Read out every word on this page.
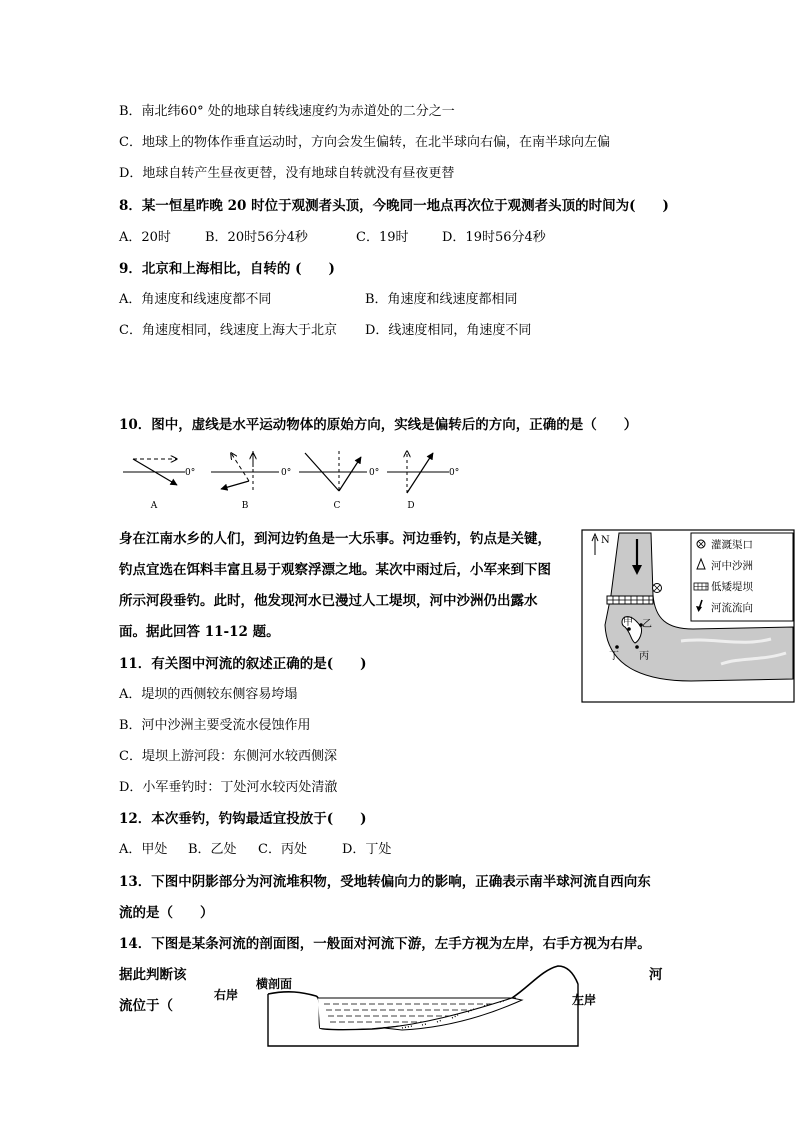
B．南北纬60° 处的地球自转线速度约为赤道处的二分之一
C．地球上的物体作垂直运动时，方向会发生偏转，在北半球向右偏，在南半球向左偏
D．地球自转产生昼夜更替，没有地球自转就没有昼夜更替
8．某一恒星昨晚 20 时位于观测者头顶，今晚同一地点再次位于观测者头顶的时间为(　　)
A．20时	B．20时56分4秒	C．19时	D．19时56分4秒
9．北京和上海相比，自转的 (　　)
A．角速度和线速度都不同	B．角速度和线速度都相同
C．角速度相同，线速度上海大于北京 D．线速度相同，角速度不同
10．图中，虚线是水平运动物体的原始方向，实线是偏转后的方向，正确的是（　　）
0°
A
0°
B
0°
C
0°
D
身在江南水乡的人们，到河边钓鱼是一大乐事。河边垂钓，钓点是关键，
钓点宜选在饵料丰富且易于观察浮漂之地。某次中雨过后，小军来到下图
所示河段垂钓。此时，他发现河水已漫过人工堤坝，河中沙洲仍出露水
面。据此回答 11-12 题。
N
甲 乙
丙
丁
灌溉渠口
河中沙洲
低矮堤坝
河流流向
11．有关图中河流的叙述正确的是(　　)
A．堤坝的西侧较东侧容易垮塌
B．河中沙洲主要受流水侵蚀作用
C．堤坝上游河段：东侧河水较西侧深
D．小军垂钓时：丁处河水较丙处清澈
12．本次垂钓，钓钩最适宜投放于(　　)
A．甲处 B．乙处 C．丙处	D．丁处
13．下图中阴影部分为河流堆积物，受地转偏向力的影响，正确表示南半球河流自西向东
流的是（　　）
14．下图是某条河流的剖面图，一般面对河流下游，左手方视为左岸，右手方视为右岸。
据此判断该	河
流位于（
右岸
横剖面
左岸
